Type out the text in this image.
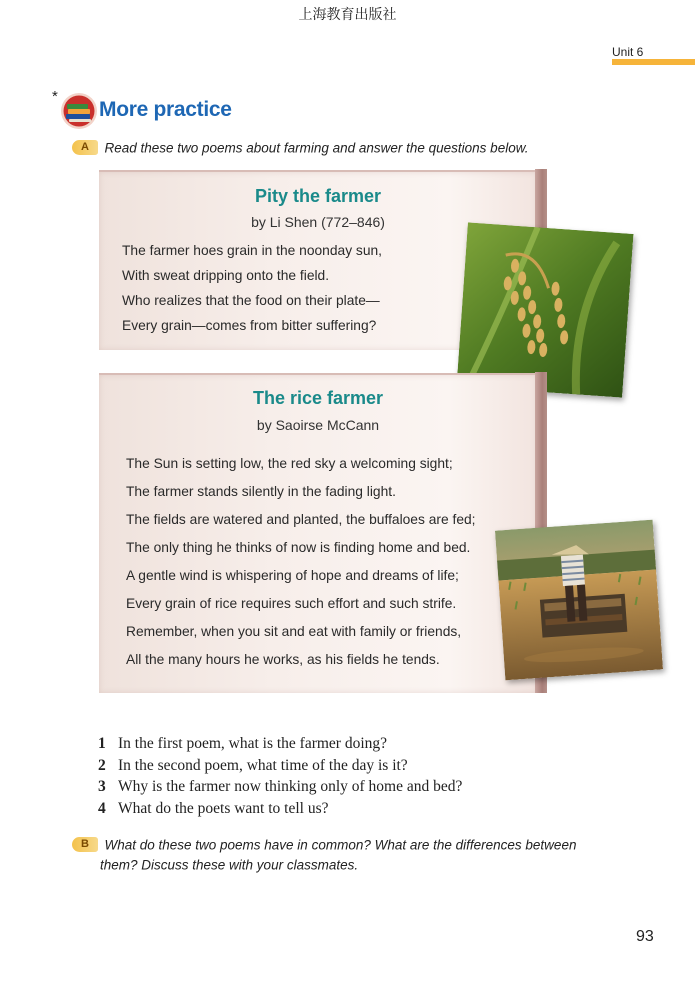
上海教育出版社
Unit 6
*
More practice
A Read these two poems about farming and answer the questions below.
Pity the farmer
by Li Shen (772–846)
The farmer hoes grain in the noonday sun,
With sweat dripping onto the field.
Who realizes that the food on their plate—
Every grain—comes from bitter suffering?
The rice farmer
by Saoirse McCann
The Sun is setting low, the red sky a welcoming sight;
The farmer stands silently in the fading light.
The fields are watered and planted, the buffaloes are fed;
The only thing he thinks of now is finding home and bed.
A gentle wind is whispering of hope and dreams of life;
Every grain of rice requires such effort and such strife.
Remember, when you sit and eat with family or friends,
All the many hours he works, as his fields he tends.
1 In the first poem, what is the farmer doing?
2 In the second poem, what time of the day is it?
3 Why is the farmer now thinking only of home and bed?
4 What do the poets want to tell us?
B What do these two poems have in common? What are the differences between
them? Discuss these with your classmates.
93
